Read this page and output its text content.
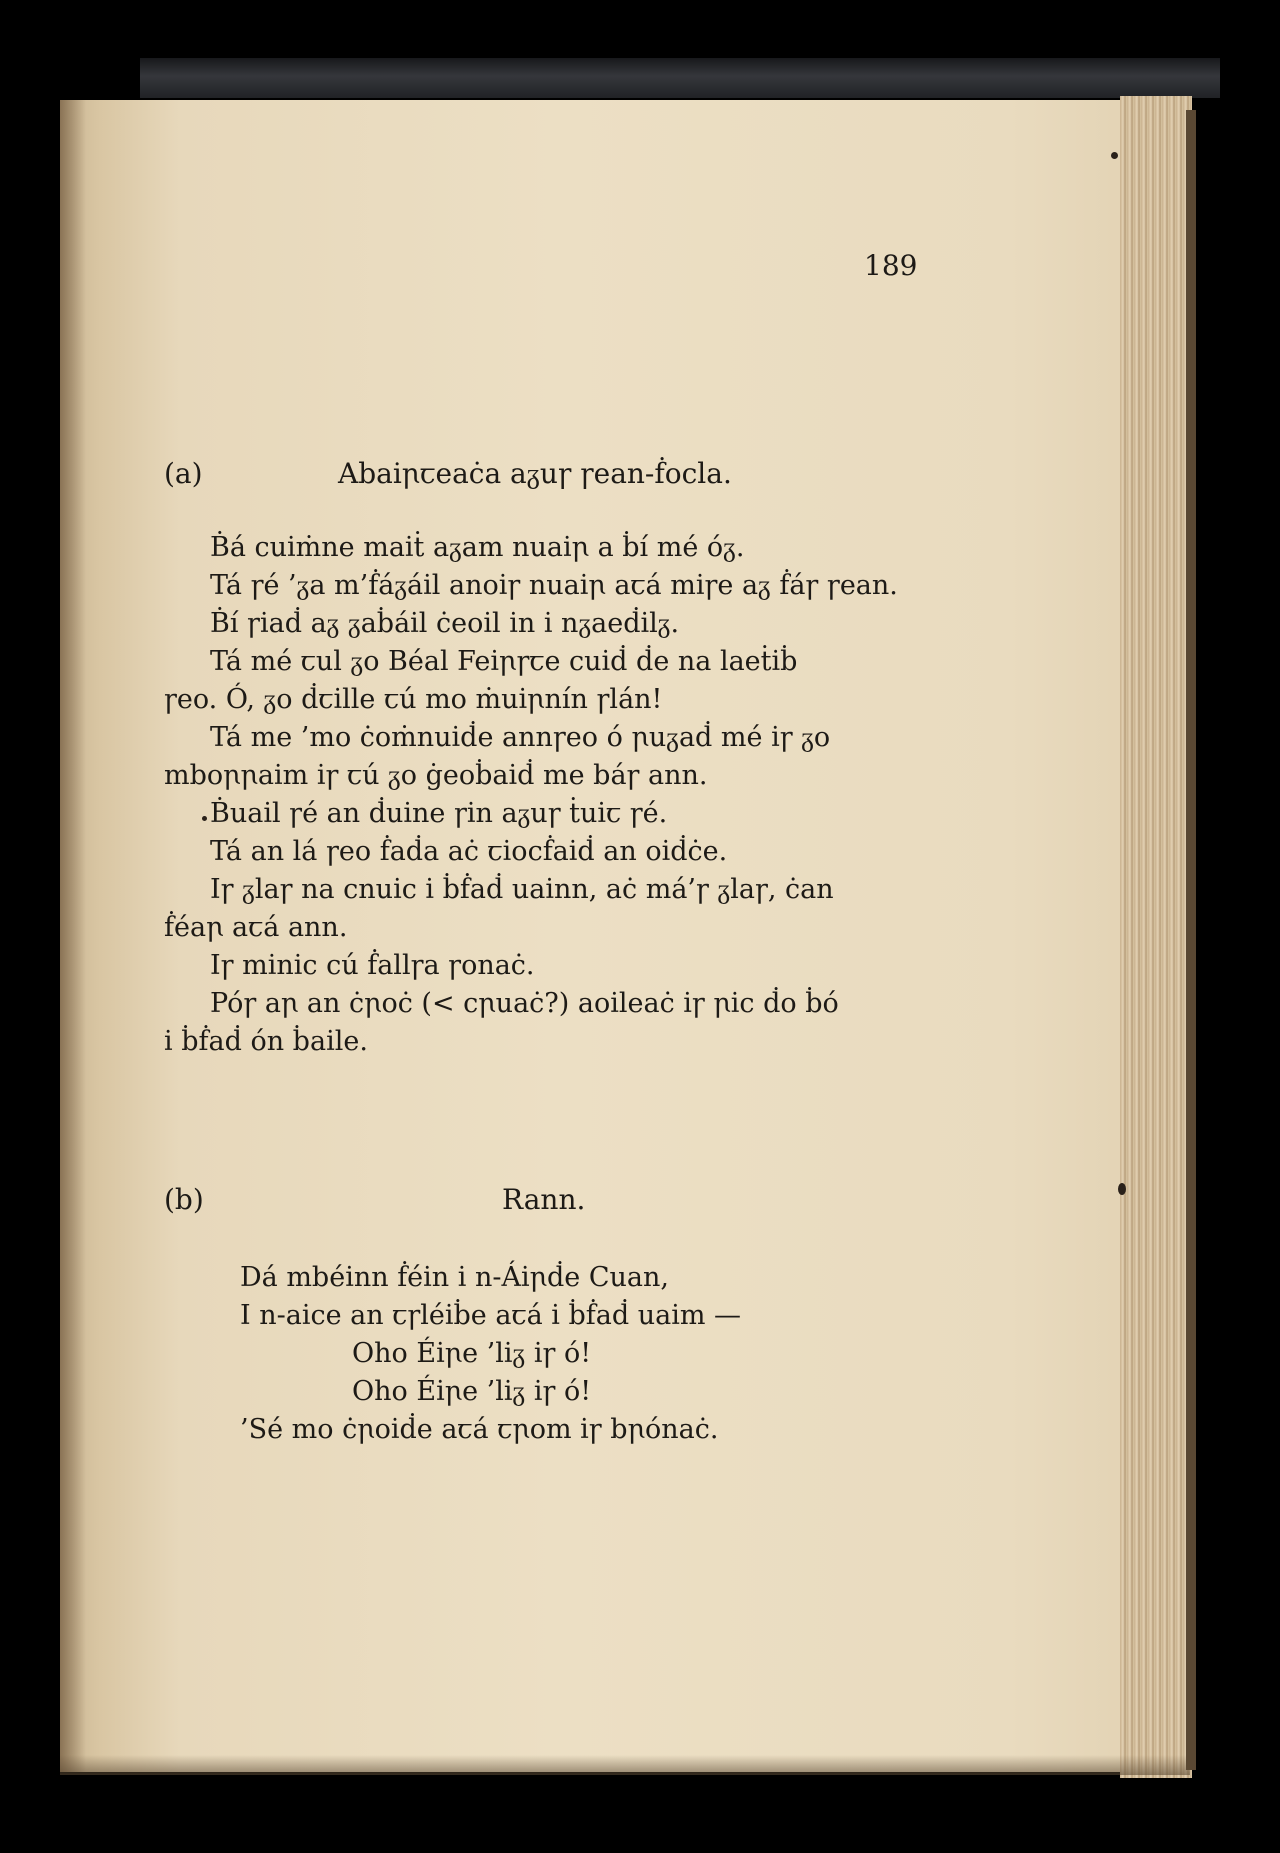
189
(a)	Abaiꞃꞇeaċa aᵹuꞅ ꞅean-ḟocla.
Ḃá cuiṁne maiṫ aᵹam nuaiꞃ a ḃí mé óᵹ.
Tá ꞅé ’ᵹa m’ḟáᵹáil anoiꞅ nuaiꞃ aꞇá miꞅe aᵹ ḟáꞅ ꞅean.
Ḃí ꞅiaḋ aᵹ ᵹaḃáil ċeoil in i nᵹaeḋilᵹ.
Tá mé ꞇul ᵹo Béal Feiꞃꞅꞇe cuiḋ ḋe na laeṫiḃ
ꞅeo. Ó, ᵹo ḋꞇille ꞇú mo ṁuiꞃnín ꞅlán!
Tá me ’mo ċoṁnuiḋe annꞅeo ó ꞃuᵹaḋ mé iꞅ ᵹo
mboꞃꞃaim iꞅ ꞇú ᵹo ġeoḃaiḋ me báꞅ ann.
Ḃuail ꞅé an ḋuine ꞅin aᵹuꞅ ṫuiꞇ ꞅé.
Tá an lá ꞅeo ḟaḋa aċ ꞇiocḟaiḋ an oiḋċe.
Iꞅ ᵹlaꞅ na cnuic i ḃḟaḋ uainn, aċ má’ꞅ ᵹlaꞅ, ċan
ḟéaꞃ aꞇá ann.
Iꞅ minic cú ḟallꞅa ꞅonaċ.
Póꞅ aꞃ an ċꞃoċ (< cꞃuaċ?) aoileaċ iꞅ ꞃic ḋo ḃó
i ḃḟaḋ ón ḃaile.
(b)	Rann.
Dá mbéinn ḟéin i n-Áiꞃḋe Cuan,
I n-aice an ꞇꞅléiḃe aꞇá i ḃḟaḋ uaim —
Oho Éiꞃe ’liᵹ iꞅ ó!
Oho Éiꞃe ’liᵹ iꞅ ó!
’Sé mo ċꞃoiḋe aꞇá ꞇꞃom iꞅ bꞃónaċ.
